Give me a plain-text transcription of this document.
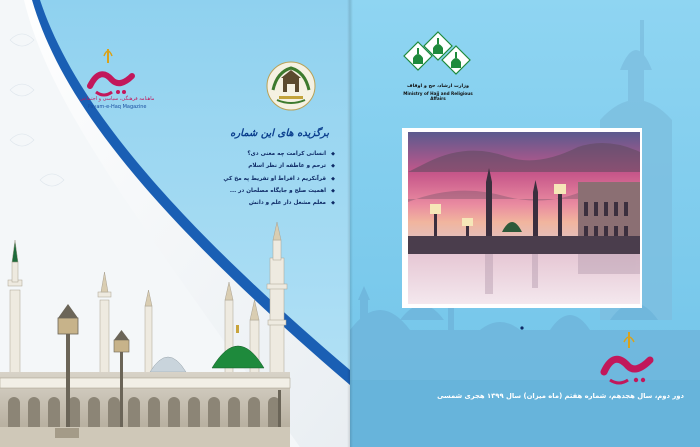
ماهنامه فرهنگی، سیاسی و اجتماعی
Payam-e-Haq Magazine
برگزیده های این شماره
◆ انسانی کرامت چه معنی دی؟
◆ ترحم و عاطفه از نظر اسلام
◆ قرآنکریم د افراط او تفریط په مخ کې
◆ اهمیت صلح و جایگاه مصلحان در ...
◆ معلم مشعل دار علم و دانش
وزارت ارشاد، حج و اوقاف
Ministry of Hajj and Religious Affairs
دور دوم، سال هجدهم، شماره هفتم (ماه میزان) سال ۱۳۹۹ هجری شمسی
